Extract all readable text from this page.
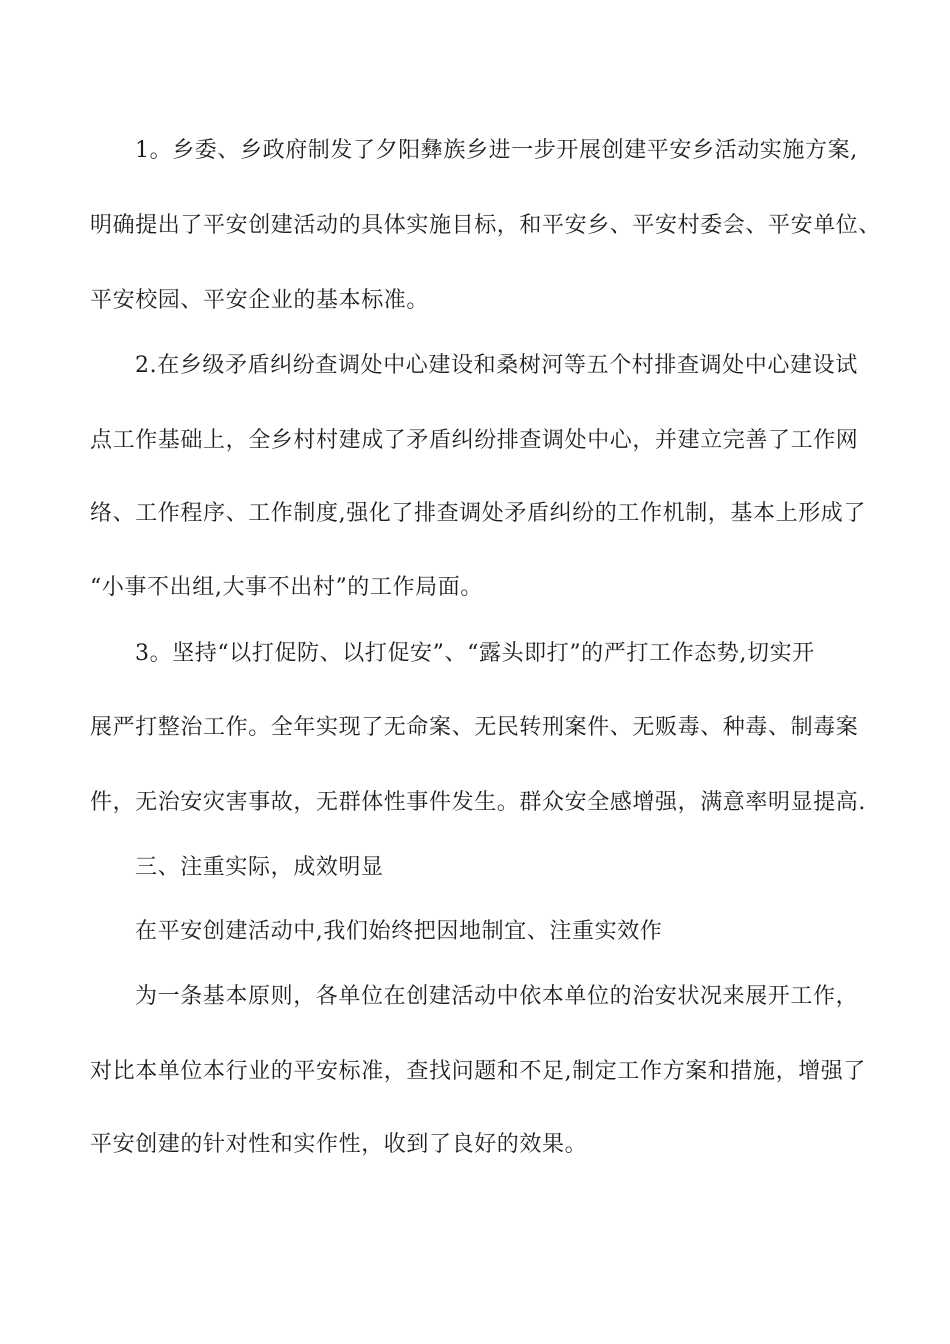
1。乡委、乡政府制发了夕阳彝族乡进一步开展创建平安乡活动实施方案,
明确提出了平安创建活动的具体实施目标，和平安乡、平安村委会、平安单位、
平安校园、平安企业的基本标准。
2.在乡级矛盾纠纷查调处中心建设和桑树河等五个村排查调处中心建设试
点工作基础上，全乡村村建成了矛盾纠纷排查调处中心，并建立完善了工作网
络、工作程序、工作制度,强化了排查调处矛盾纠纷的工作机制，基本上形成了
“小事不出组,大事不出村”的工作局面。
3。坚持“以打促防、以打促安”、“露头即打”的严打工作态势,切实开
展严打整治工作。全年实现了无命案、无民转刑案件、无贩毒、种毒、制毒案
件，无治安灾害事故，无群体性事件发生。群众安全感增强，满意率明显提高.
三、注重实际，成效明显
在平安创建活动中,我们始终把因地制宜、注重实效作
为一条基本原则，各单位在创建活动中依本单位的治安状况来展开工作，
对比本单位本行业的平安标准，查找问题和不足,制定工作方案和措施，增强了
平安创建的针对性和实作性，收到了良好的效果。
